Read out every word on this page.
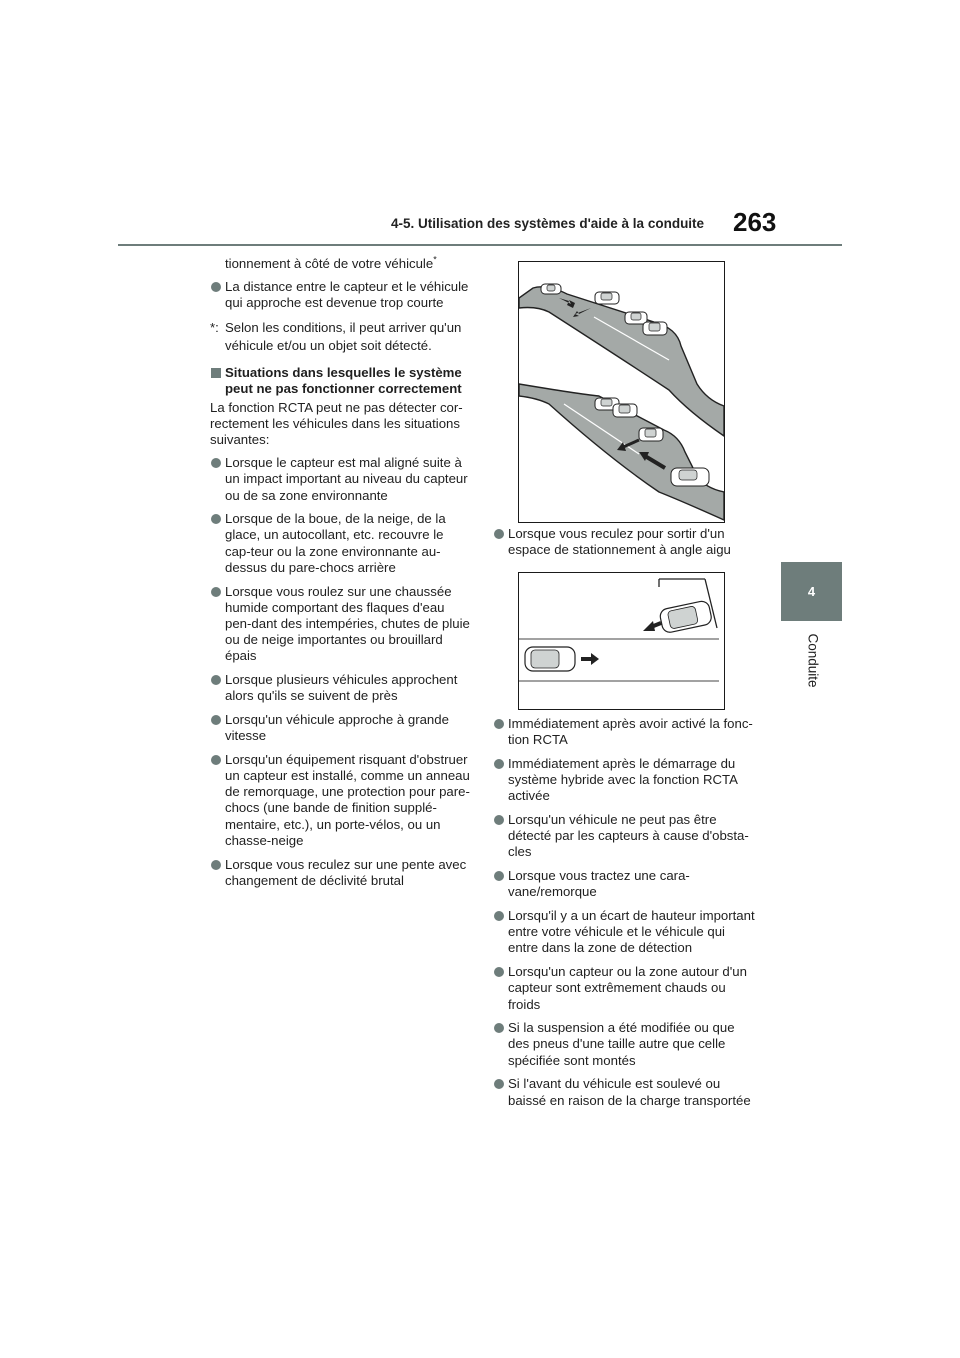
4-5. Utilisation des systèmes d'aide à la conduite 263
4
Conduite
tionnement à côté de votre véhicule*
La distance entre le capteur et le véhicule qui approche est devenue trop courte
*: Selon les conditions, il peut arriver qu'un véhicule et/ou un objet soit détecté.
Situations dans lesquelles le système peut ne pas fonctionner correctement
La fonction RCTA peut ne pas détecter cor-rectement les véhicules dans les situations suivantes:
Lorsque le capteur est mal aligné suite à un impact important au niveau du capteur ou de sa zone environnante
Lorsque de la boue, de la neige, de la glace, un autocollant, etc. recouvre le cap-teur ou la zone environnante au-dessus du pare-chocs arrière
Lorsque vous roulez sur une chaussée humide comportant des flaques d'eau pen-dant des intempéries, chutes de pluie ou de neige importantes ou brouillard épais
Lorsque plusieurs véhicules approchent alors qu'ils se suivent de près
Lorsqu'un véhicule approche à grande vitesse
Lorsqu'un équipement risquant d'obstruer un capteur est installé, comme un anneau de remorquage, une protection pour pare-chocs (une bande de finition supplé-mentaire, etc.), un porte-vélos, ou un chasse-neige
Lorsque vous reculez sur une pente avec changement de déclivité brutal
Lorsque vous reculez pour sortir d'un espace de stationnement à angle aigu
Immédiatement après avoir activé la fonc-tion RCTA
Immédiatement après le démarrage du système hybride avec la fonction RCTA activée
Lorsqu'un véhicule ne peut pas être détecté par les capteurs à cause d'obsta-cles
Lorsque vous tractez une cara-vane/remorque
Lorsqu'il y a un écart de hauteur important entre votre véhicule et le véhicule qui entre dans la zone de détection
Lorsqu'un capteur ou la zone autour d'un capteur sont extrêmement chauds ou froids
Si la suspension a été modifiée ou que des pneus d'une taille autre que celle spécifiée sont montés
Si l'avant du véhicule est soulevé ou baissé en raison de la charge transportée
